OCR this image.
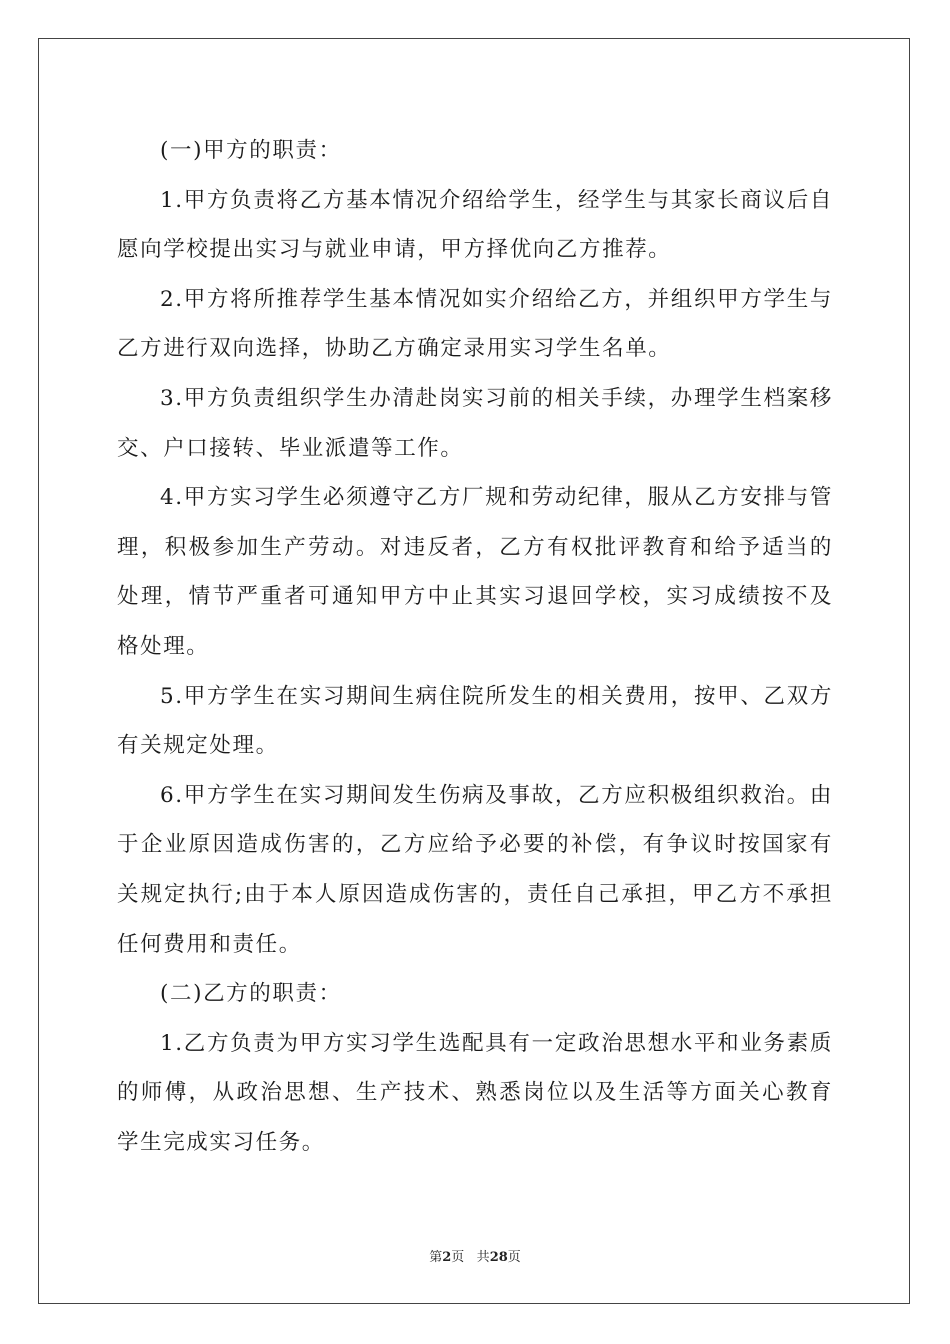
(一)甲方的职责：

1.甲方负责将乙方基本情况介绍给学生，经学生与其家长商议后自愿向学校提出实习与就业申请，甲方择优向乙方推荐。

2.甲方将所推荐学生基本情况如实介绍给乙方，并组织甲方学生与乙方进行双向选择，协助乙方确定录用实习学生名单。

3.甲方负责组织学生办清赴岗实习前的相关手续，办理学生档案移交、户口接转、毕业派遣等工作。

4.甲方实习学生必须遵守乙方厂规和劳动纪律，服从乙方安排与管理，积极参加生产劳动。对违反者，乙方有权批评教育和给予适当的处理，情节严重者可通知甲方中止其实习退回学校，实习成绩按不及格处理。

5.甲方学生在实习期间生病住院所发生的相关费用，按甲、乙双方有关规定处理。

6.甲方学生在实习期间发生伤病及事故，乙方应积极组织救治。由于企业原因造成伤害的，乙方应给予必要的补偿，有争议时按国家有关规定执行;由于本人原因造成伤害的，责任自己承担，甲乙方不承担任何费用和责任。

(二)乙方的职责：

1.乙方负责为甲方实习学生选配具有一定政治思想水平和业务素质的师傅，从政治思想、生产技术、熟悉岗位以及生活等方面关心教育学生完成实习任务。

第2页 共28页
